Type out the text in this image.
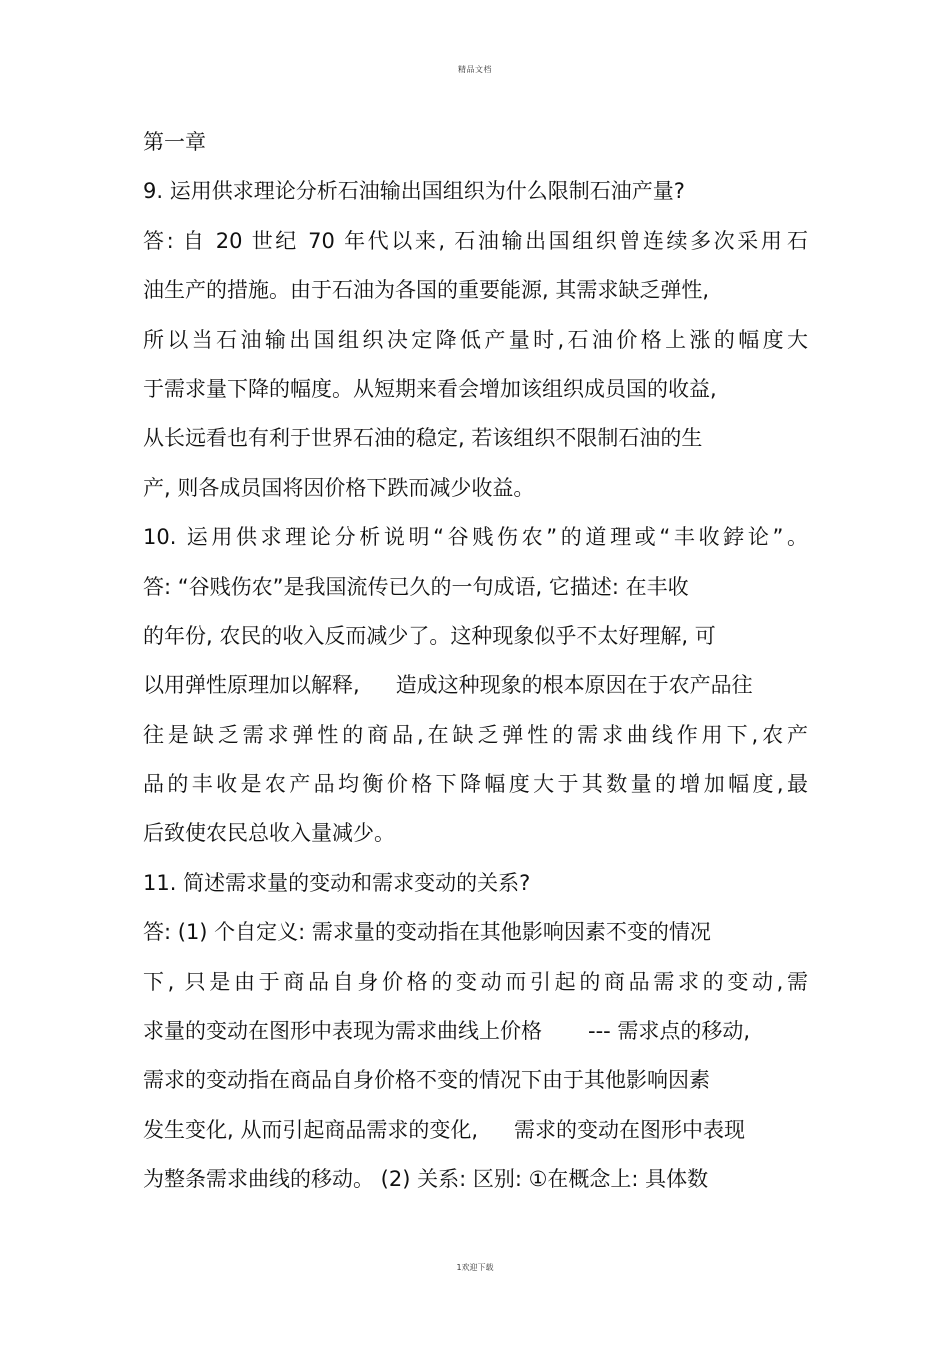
精品文档
第一章
9. 运用供求理论分析石油输出国组织为什么限制石油产量?
答: 自 20 世纪 70 年代以来, 石油输出国组织曾连续多次采用石
油生产的措施。由于石油为各国的重要能源, 其需求缺乏弹性,
所以当石油输出国组织决定降低产量时,石油价格上涨的幅度大
于需求量下降的幅度。从短期来看会增加该组织成员国的收益,
从长远看也有利于世界石油的稳定, 若该组织不限制石油的生
产, 则各成员国将因价格下跌而减少收益。
10. 运用供求理论分析说明“谷贱伤农”的道理或“丰收鋍论”。
答: “谷贱伤农”是我国流传已久的一句成语, 它描述: 在丰收
的年份, 农民的收入反而减少了。这种现象似乎不太好理解, 可
以用弹性原理加以解释, 造成这种现象的根本原因在于农产品往
往是缺乏需求弹性的商品,在缺乏弹性的需求曲线作用下,农产
品的丰收是农产品均衡价格下降幅度大于其数量的增加幅度,最
后致使农民总收入量减少。
11. 简述需求量的变动和需求变动的关系?
答: (1) 个自定义: 需求量的变动指在其他影响因素不变的情况
下, 只是由于商品自身价格的变动而引起的商品需求的变动,需
求量的变动在图形中表现为需求曲线上价格 --- 需求点的移动,
需求的变动指在商品自身价格不变的情况下由于其他影响因素
发生变化, 从而引起商品需求的变化, 需求的变动在图形中表现
为整条需求曲线的移动。 (2) 关系: 区别: ①在概念上: 具体数
1欢迎下载
